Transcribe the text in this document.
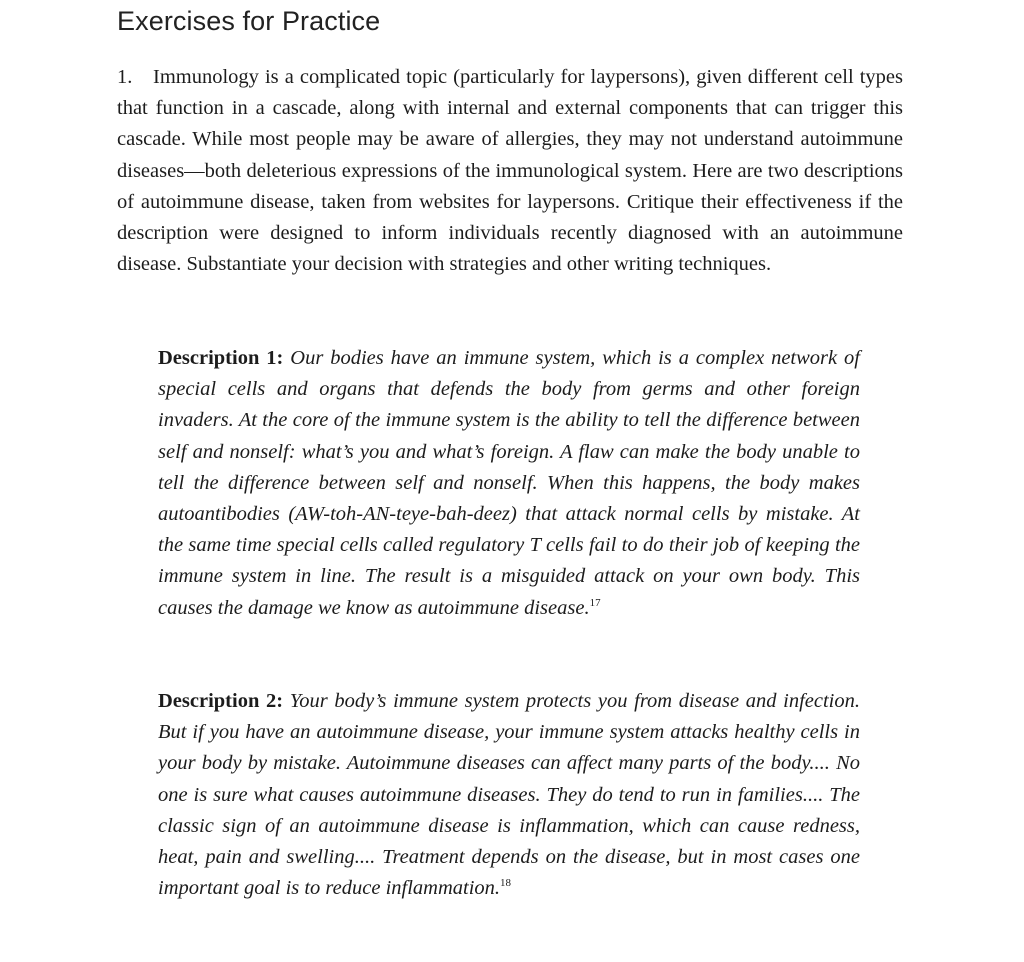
Exercises for Practice

1. Immunology is a complicated topic (particularly for laypersons), given different cell types that function in a cascade, along with internal and external components that can trigger this cascade. While most people may be aware of allergies, they may not understand autoimmune diseases—both deleterious expressions of the immunological system. Here are two descriptions of autoimmune disease, taken from websites for laypersons. Critique their effectiveness if the description were designed to inform individuals recently diagnosed with an autoimmune disease. Substantiate your decision with strategies and other writing techniques.

Description 1: Our bodies have an immune system, which is a complex network of special cells and organs that defends the body from germs and other foreign invaders. At the core of the immune system is the ability to tell the difference between self and nonself: what’s you and what’s foreign. A flaw can make the body unable to tell the difference between self and nonself. When this happens, the body makes autoantibodies (AW-toh-AN-teye-bah-deez) that attack normal cells by mistake. At the same time special cells called regulatory T cells fail to do their job of keeping the immune system in line. The result is a misguided attack on your own body. This causes the damage we know as autoimmune disease.$^{17}$

Description 2: Your body’s immune system protects you from disease and infection. But if you have an autoimmune disease, your immune system attacks healthy cells in your body by mistake. Autoimmune diseases can affect many parts of the body.... No one is sure what causes autoimmune diseases. They do tend to run in families.... The classic sign of an autoimmune disease is inflammation, which can cause redness, heat, pain and swelling.... Treatment depends on the disease, but in most cases one important goal is to reduce inflammation.$^{18}$
